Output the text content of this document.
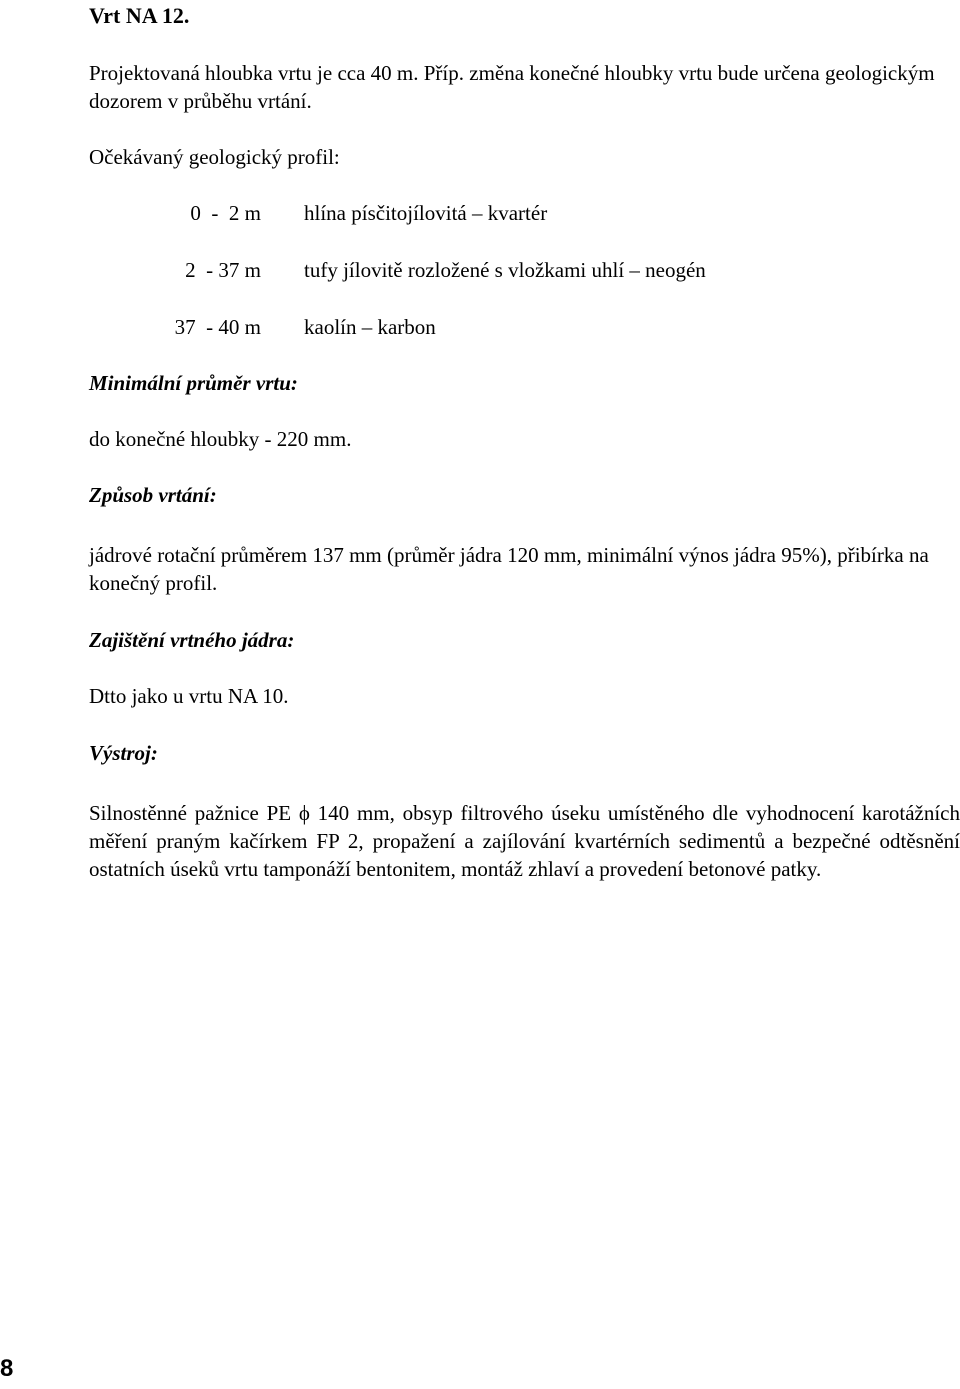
Vrt NA 12.
Projektovaná hloubka vrtu je cca 40 m. Příp. změna konečné hloubky vrtu bude určena geologickým dozorem v průběhu vrtání.
Očekávaný geologický profil:
0  -  2 m hlína písčitojílovitá – kvartér
2  - 37 m tufy jílovitě rozložené s vložkami uhlí – neogén
37  - 40 m kaolín – karbon
Minimální průměr vrtu:
do konečné hloubky - 220 mm.
Způsob vrtání:
jádrové rotační průměrem 137 mm (průměr jádra 120 mm, minimální výnos jádra 95%), přibírka na konečný profil.
Zajištění vrtného jádra:
Dtto jako u vrtu NA 10.
Výstroj:
Silnostěnné pažnice PE ϕ 140 mm, obsyp filtrového úseku umístěného dle vyhodnocení karotážních měření praným kačírkem FP 2, propažení a zajílování kvartérních sedimentů a bezpečné odtěsnění ostatních úseků vrtu tamponáží bentonitem, montáž zhlaví a provedení betonové patky.
8
